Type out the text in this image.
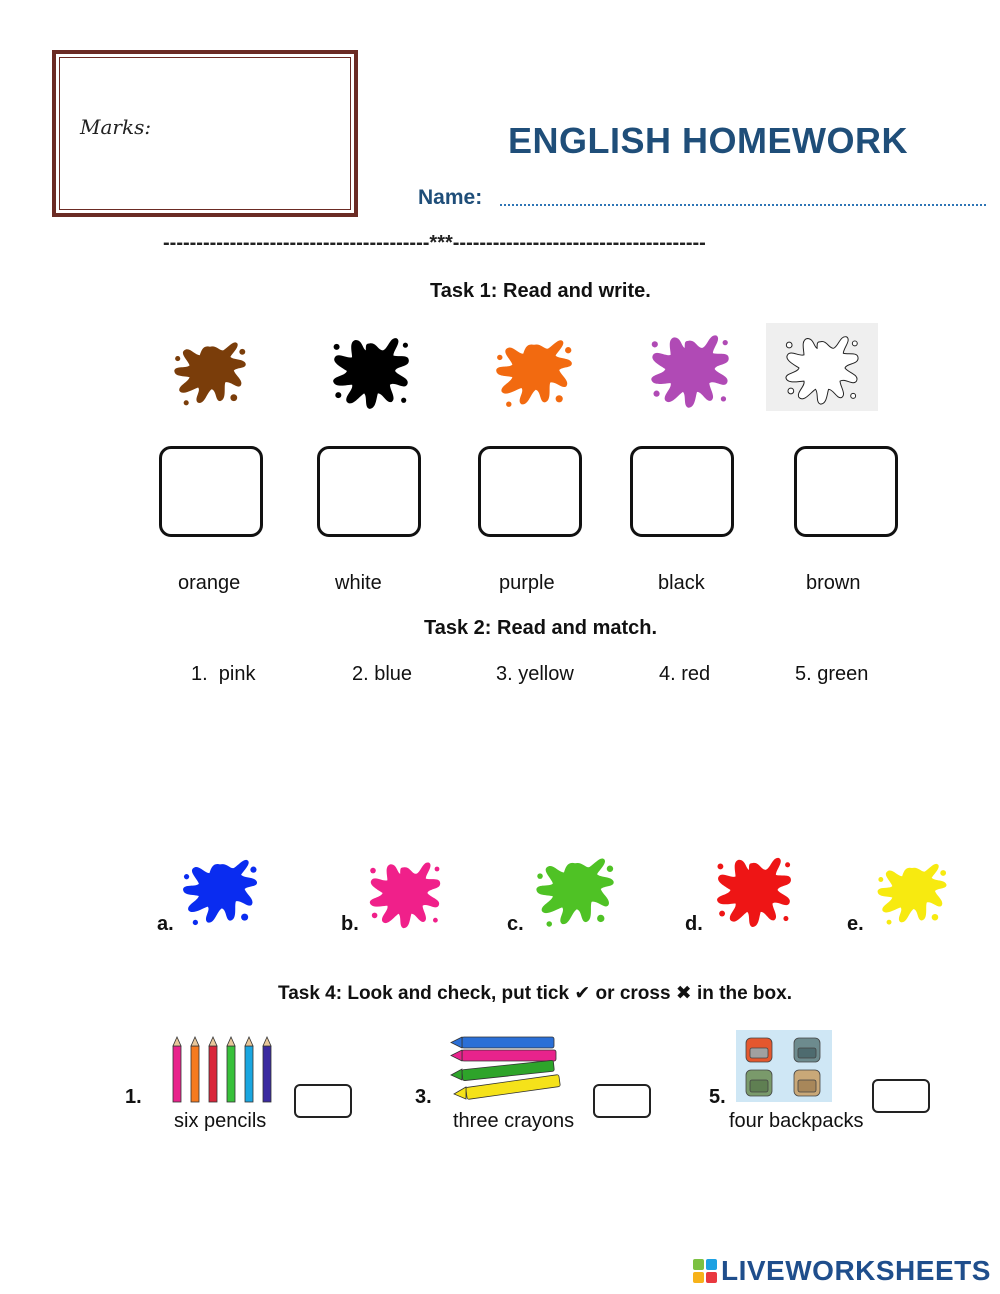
Marks:	ENGLISH HOMEWORK
Name:
----------------------------------------***--------------------------------------
Task 1: Read and write.
orange	white	purple	black	brown
Task 2: Read and match.
1.  pink	2. blue	3. yellow	4. red	5. green
a.	b.	c.	d.	e.
Task 4: Look and check, put tick ✔ or cross ✖ in the box.
1.
six pencils
3.
three crayons
5.
four backpacks
LIVEWORKSHEETS
